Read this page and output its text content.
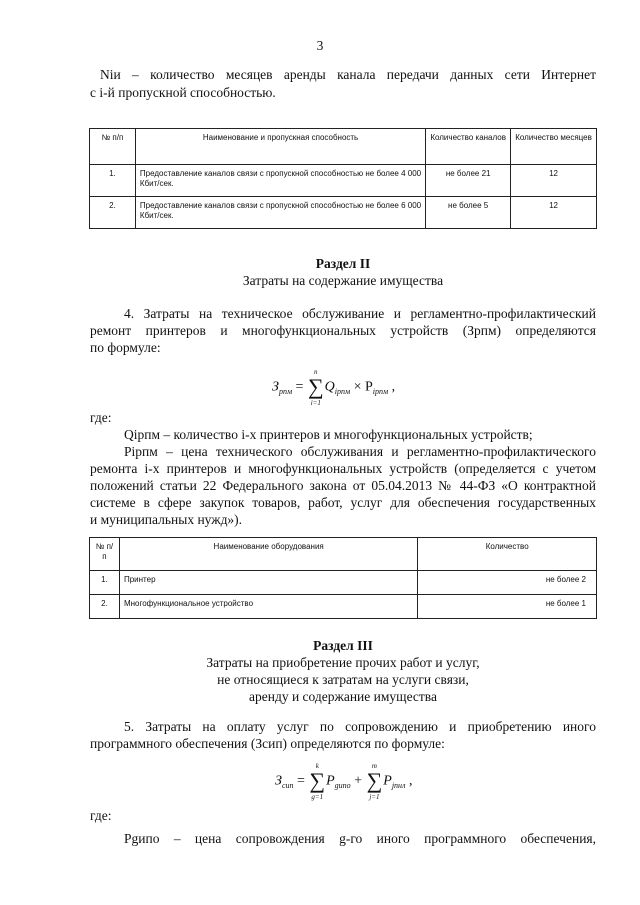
3
Nіи – количество месяцев аренды канала передачи данных сети Интернет
с і-й пропускной способностью.
№ п/п	Наименование и пропускная способность	Количество каналов	Количество месяцев
1.	Предоставление каналов связи с пропускной способностью не более 4 000 Кбит/сек.	не более 21	12
2.	Предоставление каналов связи с пропускной способностью не более 6 000 Кбит/сек.	не более 5	12
Раздел II
Затраты на содержание имущества
4. Затраты на техническое обслуживание и регламентно-профилактический
ремонт принтеров и многофункциональных устройств (Зрпм) определяются
по формуле:
$З_{рпм}$ =
n
∑
i=1
$Q_{iрпм} \times P_{iрпм}$ ,
где:
Qiрпм – количество і-х принтеров и многофункциональных устройств;
Рiрпм – цена технического обслуживания и регламентно-профилактического
ремонта і-х принтеров и многофункциональных устройств (определяется с учетом
положений статьи 22 Федерального закона от 05.04.2013 № 44-ФЗ «О контрактной
системе в сфере закупок товаров, работ, услуг для обеспечения государственных
и муниципальных нужд»).
№ п/п	Наименование оборудования	Количество
1.	Принтер	не более 2
2.	Многофункциональное устройство	не более 1
Раздел III
Затраты на приобретение прочих работ и услуг,
не относящиеся к затратам на услуги связи,
аренду и содержание имущества
5. Затраты на оплату услуг по сопровождению и приобретению иного
программного обеспечения (Зсип) определяются по формуле:
$З_{сип}$ =
k
∑
g=1
$P_{gипо}$ +
m
∑
j=1
$P_{jпнл}$ ,
где:
Рgипо – цена сопровождения g-го иного программного обеспечения,
